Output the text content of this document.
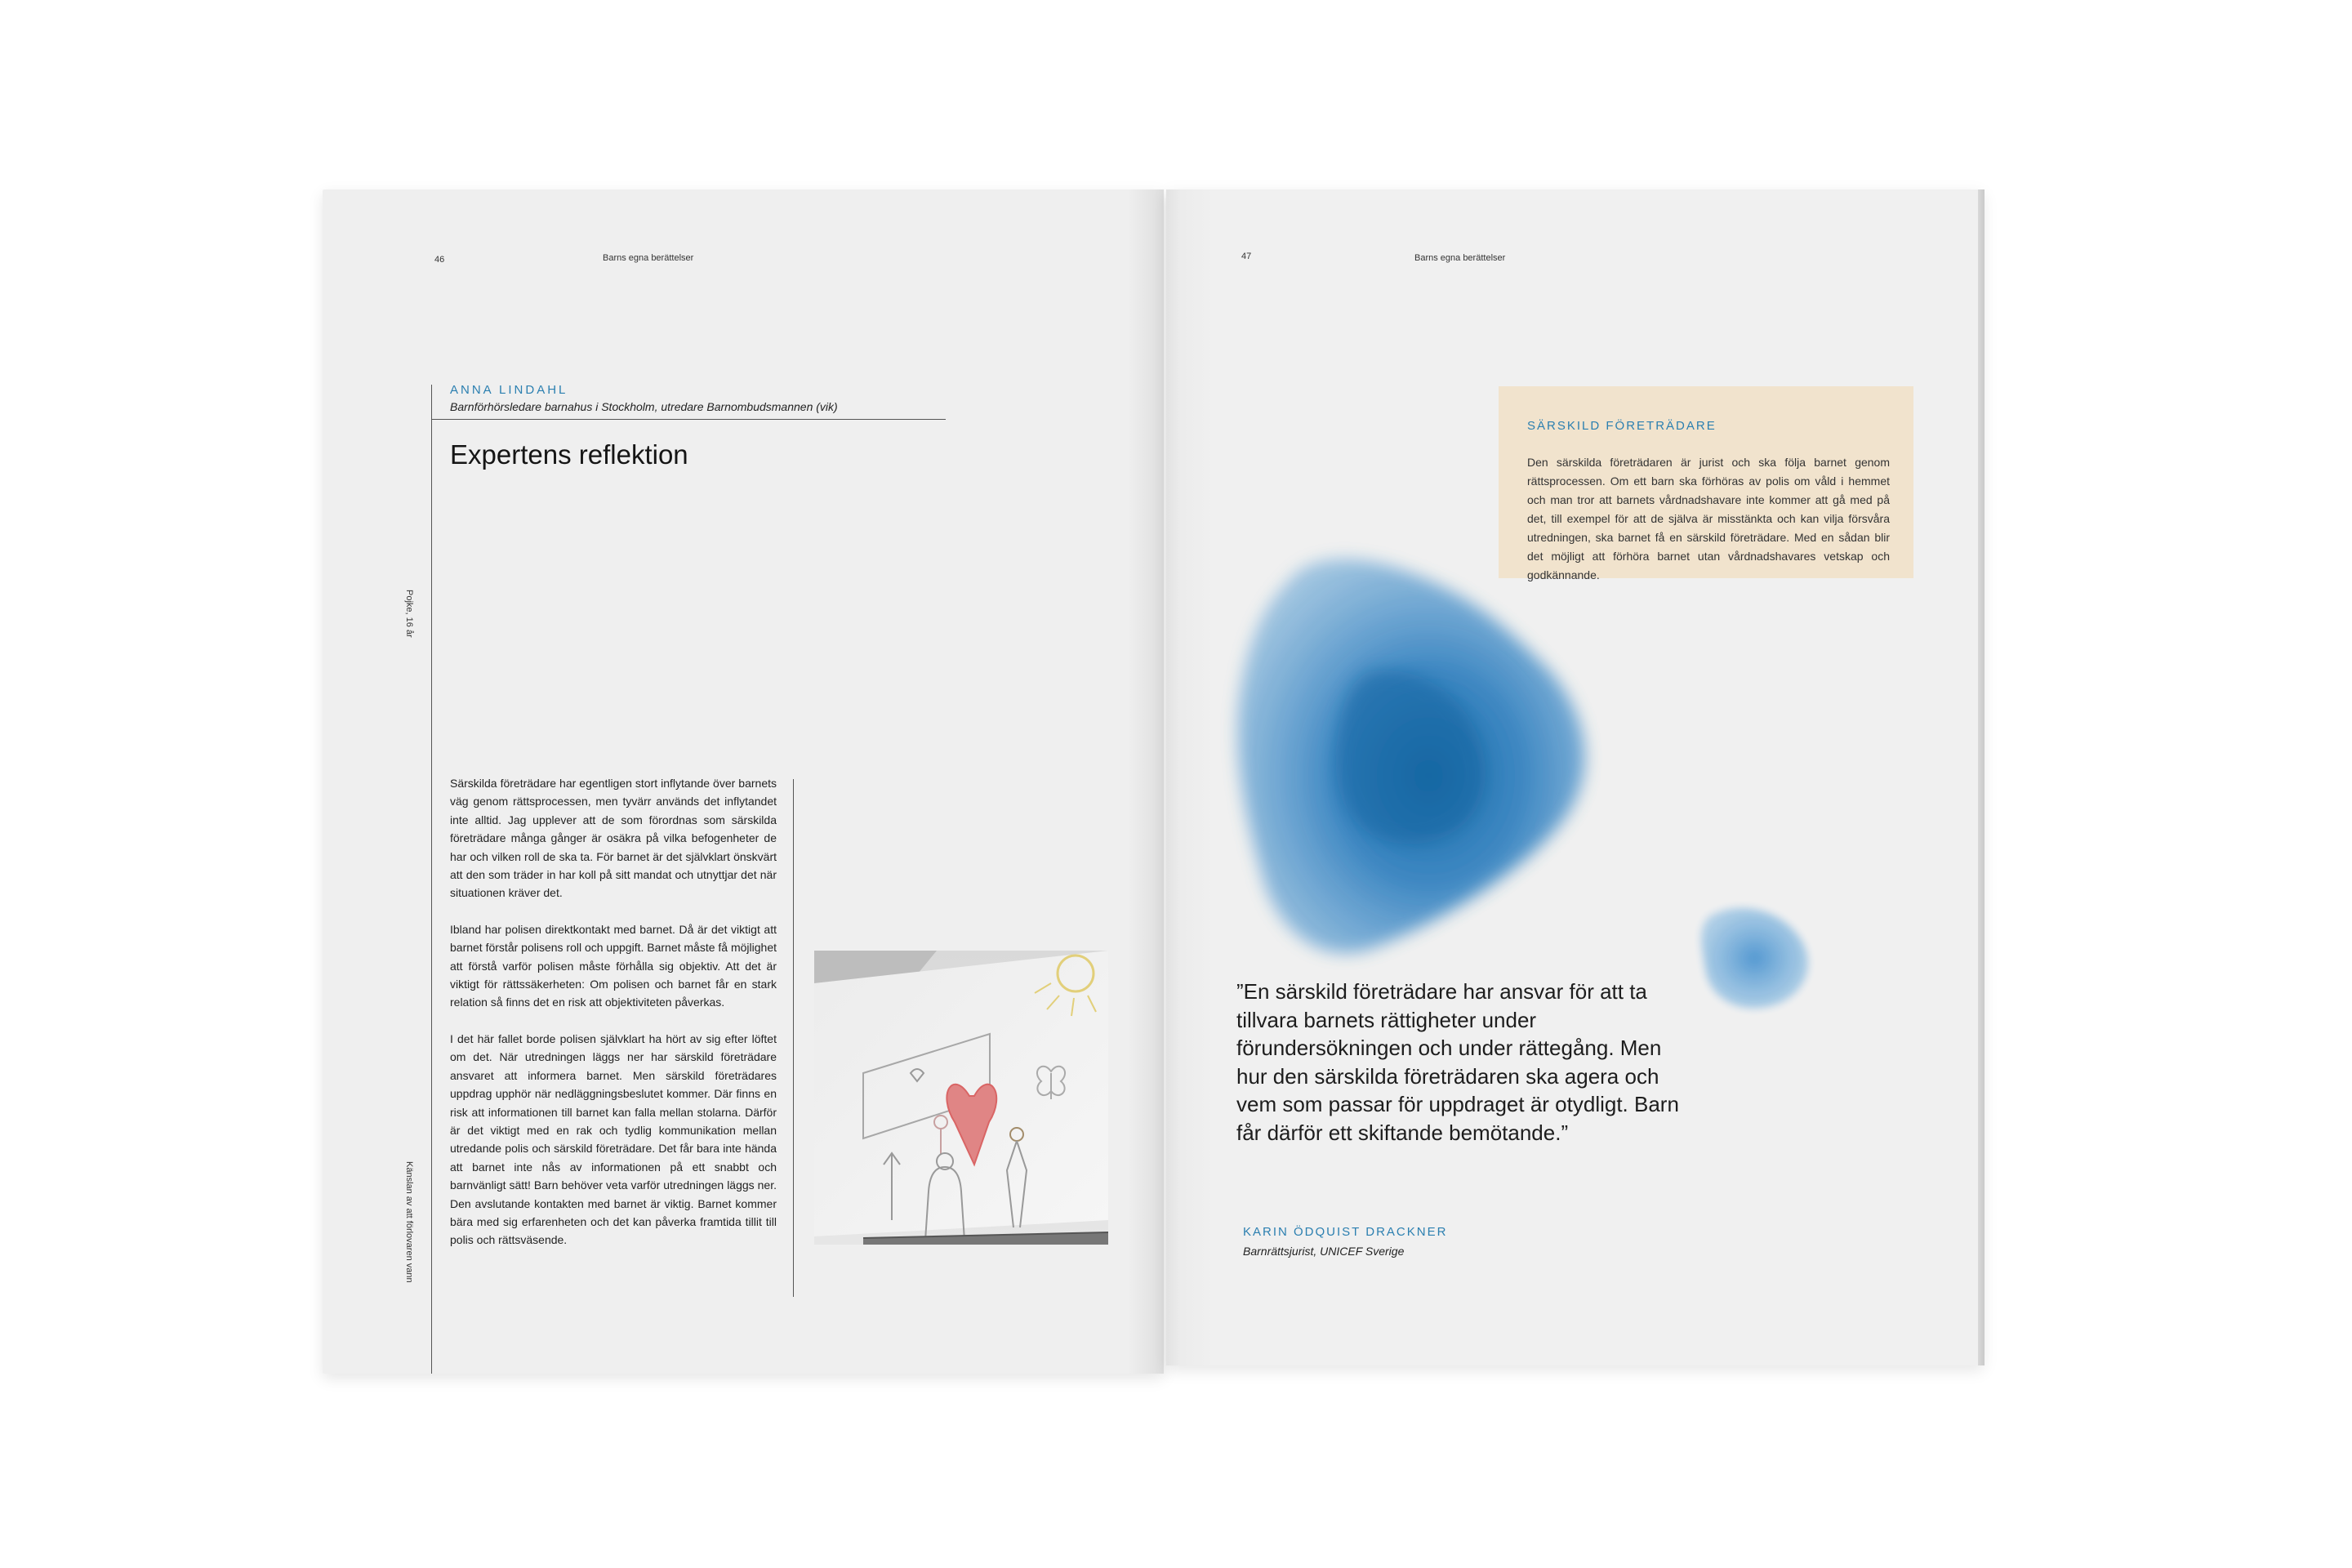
46	Barns egna berättelser
ANNA LINDAHL
Barnförhörsledare barnahus i Stockholm, utredare Barnombudsmannen (vik)
Expertens reflektion
Pojke, 16 år
Känslan av att förlovaren vann

Särskilda företrädare har egentligen stort inflytande över barnets väg genom rättsprocessen, men tyvärr används det inflytandet inte alltid. Jag upplever att de som förordnas som särskilda företrädare många gånger är osäkra på vilka befogenheter de har och vilken roll de ska ta. För barnet är det självklart önskvärt att den som träder in har koll på sitt mandat och utnyttjar det när situationen kräver det.

Ibland har polisen direktkontakt med barnet. Då är det viktigt att barnet förstår polisens roll och uppgift. Barnet måste få möjlighet att förstå varför polisen måste förhålla sig objektiv. Att det är viktigt för rättssäkerheten: Om polisen och barnet får en stark relation så finns det en risk att objektiviteten påverkas.

I det här fallet borde polisen självklart ha hört av sig efter löftet om det. När utredningen läggs ner har särskild företrädare ansvaret att informera barnet. Men särskild företrädares uppdrag upphör när nedläggningsbeslutet kommer. Där finns en risk att informationen till barnet kan falla mellan stolarna. Därför är det viktigt med en rak och tydlig kommunikation mellan utredande polis och särskild företrädare. Det får bara inte hända att barnet inte nås av informationen på ett snabbt och barnvänligt sätt! Barn behöver veta varför utredningen läggs ner. Den avslutande kontakten med barnet är viktig. Barnet kommer bära med sig erfarenheten och det kan påverka framtida tillit till polis och rättsväsende.

47	Barns egna berättelser
SÄRSKILD FÖRETRÄDARE
Den särskilda företrädaren är jurist och ska följa barnet genom rättsprocessen. Om ett barn ska förhöras av polis om våld i hemmet och man tror att barnets vårdnadshavare inte kommer att gå med på det, till exempel för att de själva är misstänkta och kan vilja försvåra utredningen, ska barnet få en särskild företrädare. Med en sådan blir det möjligt att förhöra barnet utan vårdnadshavares vetskap och godkännande.
”En särskild företrädare har ansvar för att ta tillvara barnets rättigheter under förundersökningen och under rättegång. Men hur den särskilda företrädaren ska agera och vem som passar för uppdraget är otydligt. Barn får därför ett skiftande bemötande.”
KARIN ÖDQUIST DRACKNER
Barnrättsjurist, UNICEF Sverige
